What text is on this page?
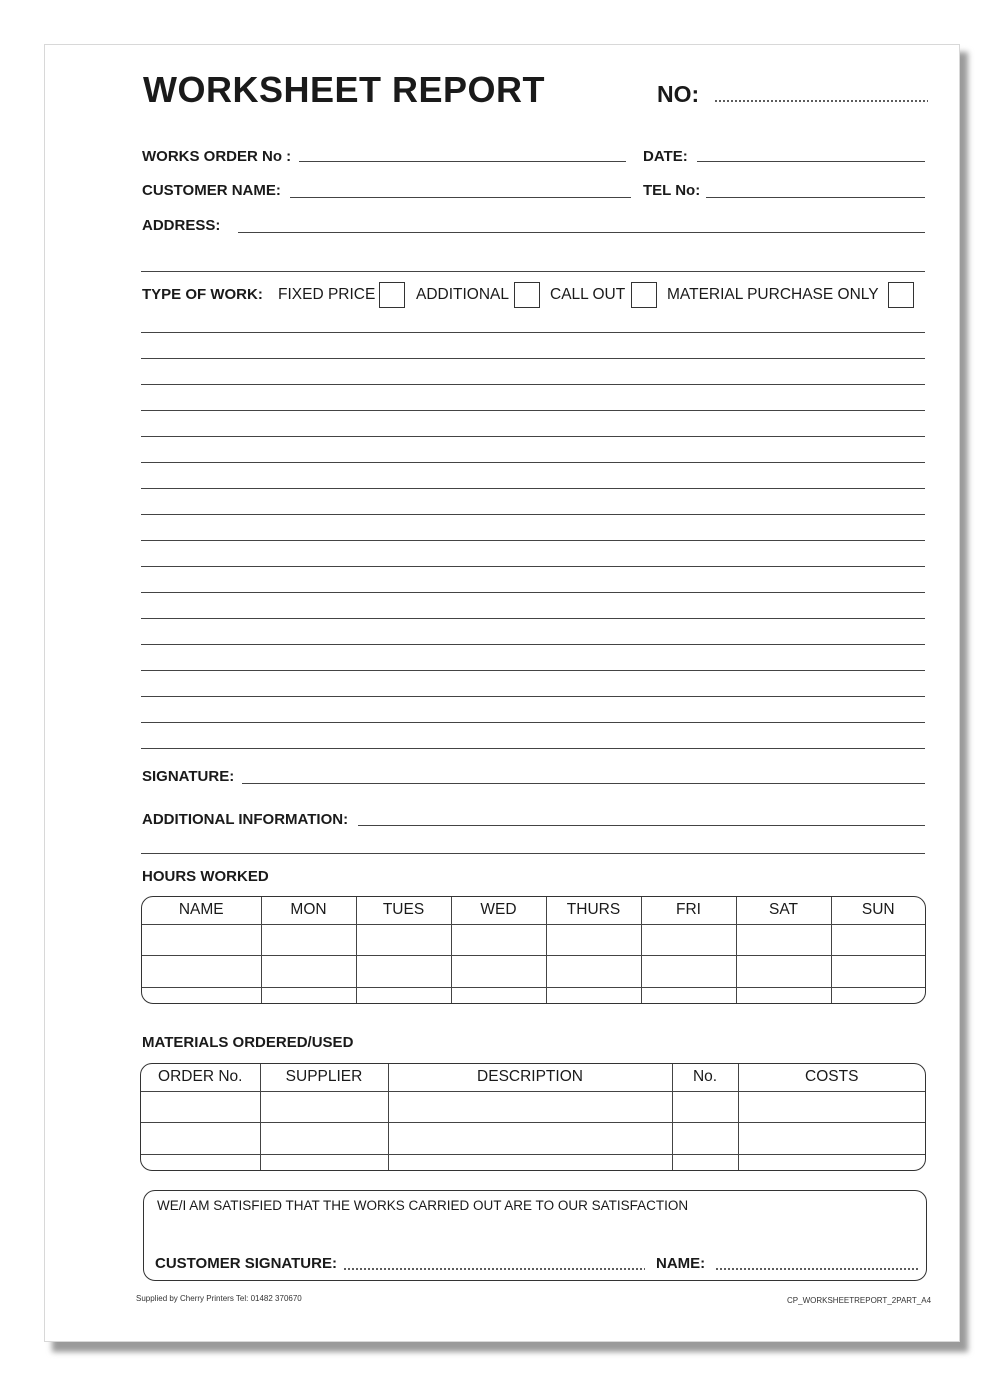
WORKSHEET REPORT	NO:
WORKS ORDER No :	DATE:
CUSTOMER NAME:	TEL No:
ADDRESS:
TYPE OF WORK: FIXED PRICE	ADDITIONAL	CALL OUT	MATERIAL PURCHASE ONLY
SIGNATURE:
ADDITIONAL INFORMATION:
HOURS WORKED
NAME	MON	TUES	WED	THURS	FRI	SAT	SUN

MATERIALS ORDERED/USED
ORDER No.	SUPPLIER	DESCRIPTION	No.	COSTS

WE/I AM SATISFIED THAT THE WORKS CARRIED OUT ARE TO OUR SATISFACTION
CUSTOMER SIGNATURE:	NAME:
Supplied by Cherry Printers Tel: 01482 370670	CP_WORKSHEETREPORT_2PART_A4
